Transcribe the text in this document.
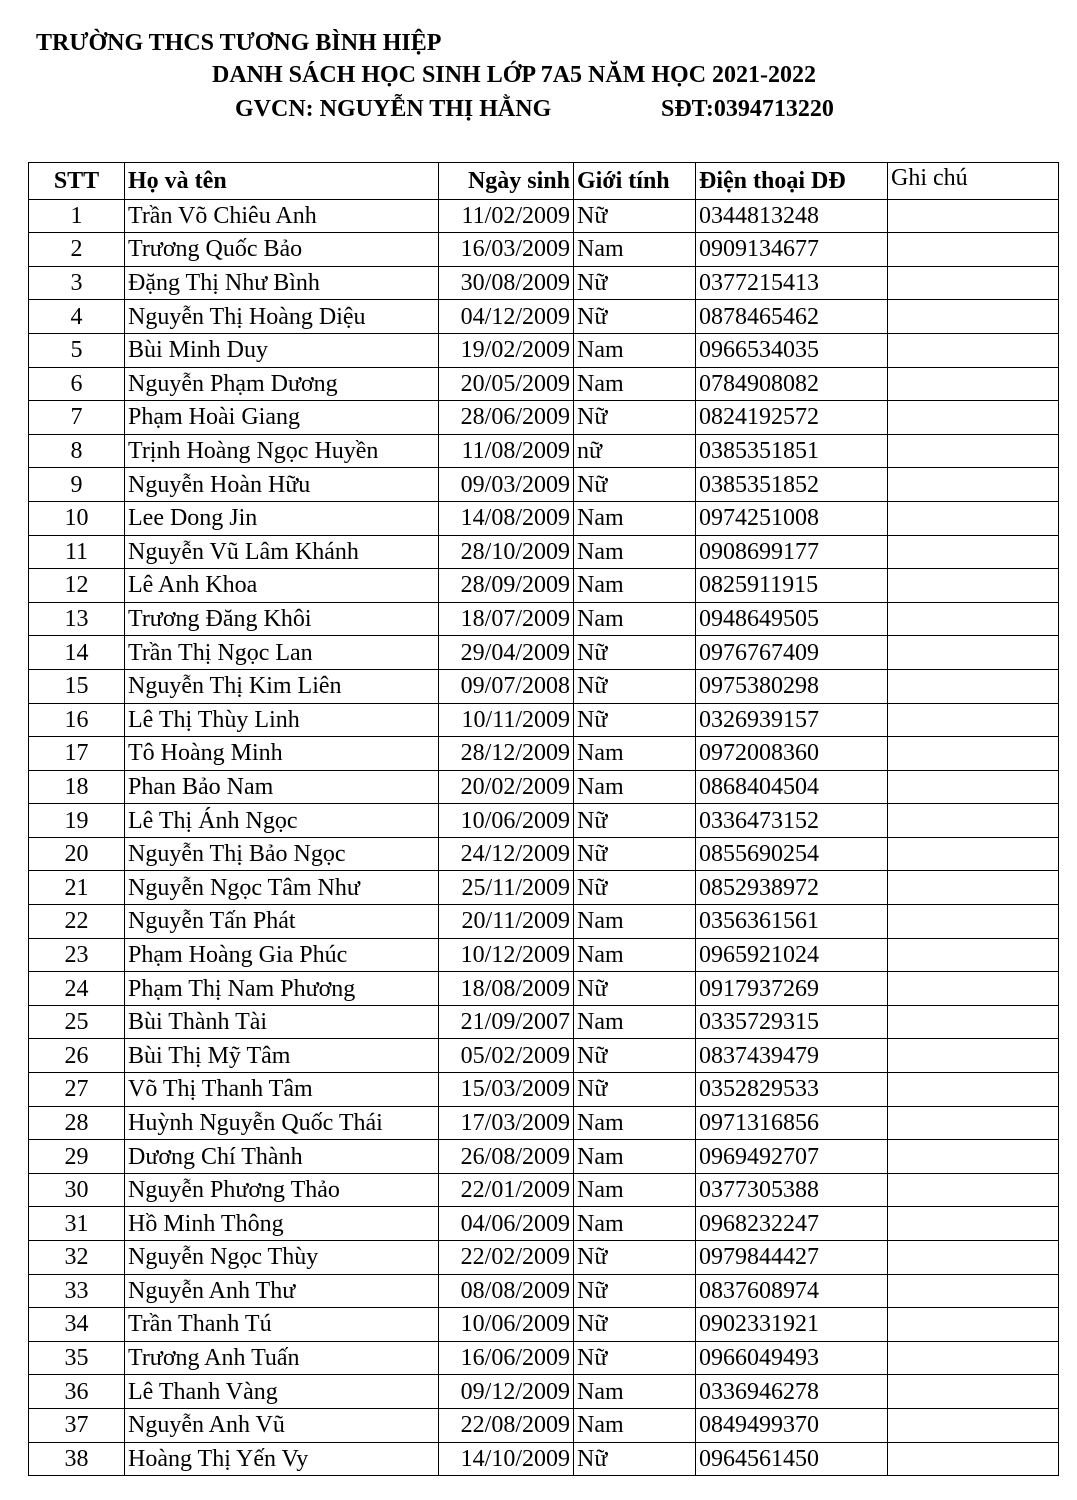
TRƯỜNG THCS TƯƠNG BÌNH HIỆP
DANH SÁCH HỌC SINH LỚP 7A5 NĂM HỌC 2021-2022
GVCN: NGUYỄN THỊ HẰNG	SĐT:0394713220
STT	Họ và tên	Ngày sinh	Giới tính	Điện thoại DĐ	Ghi chú
1	Trần Võ Chiêu Anh	11/02/2009	Nữ	0344813248	
2	Trương Quốc Bảo	16/03/2009	Nam	0909134677	
3	Đặng Thị Như Bình	30/08/2009	Nữ	0377215413	
4	Nguyễn Thị Hoàng Diệu	04/12/2009	Nữ	0878465462	
5	Bùi Minh Duy	19/02/2009	Nam	0966534035	
6	Nguyễn Phạm Dương	20/05/2009	Nam	0784908082	
7	Phạm Hoài Giang	28/06/2009	Nữ	0824192572	
8	Trịnh Hoàng Ngọc Huyền	11/08/2009	nữ	0385351851	
9	Nguyễn Hoàn Hữu	09/03/2009	Nữ	0385351852	
10	Lee Dong Jin	14/08/2009	Nam	0974251008	
11	Nguyễn Vũ Lâm Khánh	28/10/2009	Nam	0908699177	
12	Lê Anh Khoa	28/09/2009	Nam	0825911915	
13	Trương Đăng Khôi	18/07/2009	Nam	0948649505	
14	Trần Thị Ngọc Lan	29/04/2009	Nữ	0976767409	
15	Nguyễn Thị Kim Liên	09/07/2008	Nữ	0975380298	
16	Lê Thị Thùy Linh	10/11/2009	Nữ	0326939157	
17	Tô Hoàng Minh	28/12/2009	Nam	0972008360	
18	Phan Bảo Nam	20/02/2009	Nam	0868404504	
19	Lê Thị Ánh Ngọc	10/06/2009	Nữ	0336473152	
20	Nguyễn Thị Bảo Ngọc	24/12/2009	Nữ	0855690254	
21	Nguyễn Ngọc Tâm Như	25/11/2009	Nữ	0852938972	
22	Nguyễn Tấn Phát	20/11/2009	Nam	0356361561	
23	Phạm Hoàng Gia Phúc	10/12/2009	Nam	0965921024	
24	Phạm Thị Nam Phương	18/08/2009	Nữ	0917937269	
25	Bùi Thành Tài	21/09/2007	Nam	0335729315	
26	Bùi Thị Mỹ Tâm	05/02/2009	Nữ	0837439479	
27	Võ Thị Thanh Tâm	15/03/2009	Nữ	0352829533	
28	Huỳnh Nguyễn Quốc Thái	17/03/2009	Nam	0971316856	
29	Dương Chí Thành	26/08/2009	Nam	0969492707	
30	Nguyễn Phương Thảo	22/01/2009	Nam	0377305388	
31	Hồ Minh Thông	04/06/2009	Nam	0968232247	
32	Nguyễn Ngọc Thùy	22/02/2009	Nữ	0979844427	
33	Nguyễn Anh Thư	08/08/2009	Nữ	0837608974	
34	Trần Thanh Tú	10/06/2009	Nữ	0902331921	
35	Trương Anh Tuấn	16/06/2009	Nữ	0966049493	
36	Lê Thanh Vàng	09/12/2009	Nam	0336946278	
37	Nguyễn Anh Vũ	22/08/2009	Nam	0849499370	
38	Hoàng Thị Yến Vy	14/10/2009	Nữ	0964561450	
